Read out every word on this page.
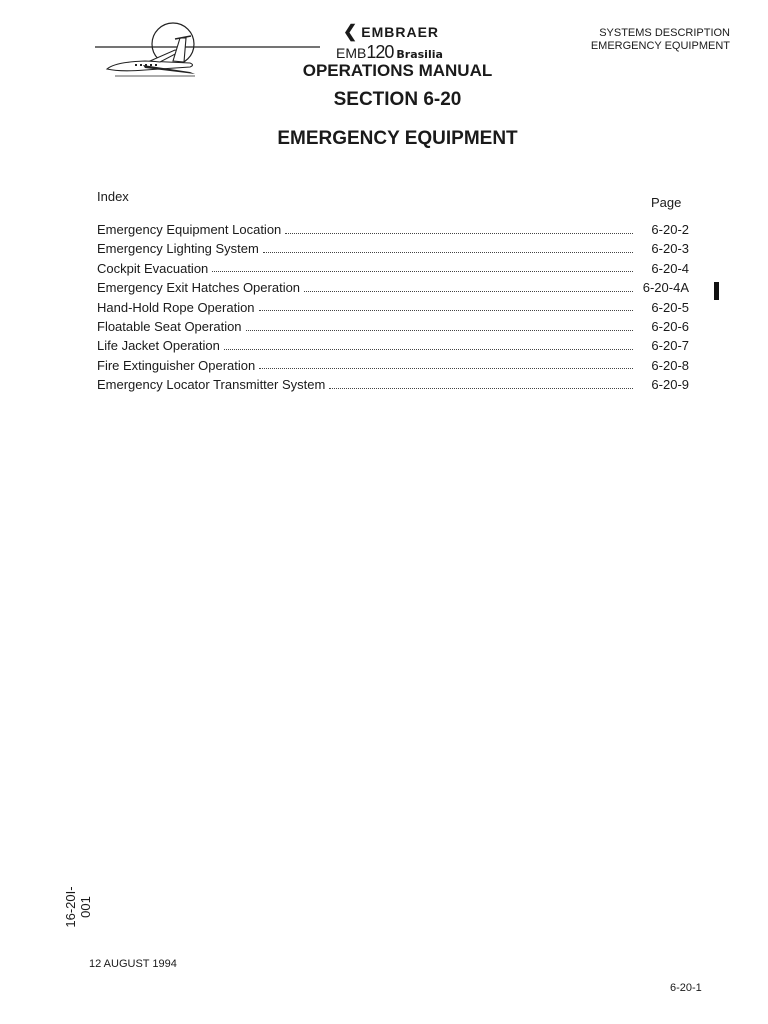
❮ EMBRAER
EMB120 Brasilia
SYSTEMS DESCRIPTION
EMERGENCY EQUIPMENT
OPERATIONS MANUAL
SECTION 6-20
EMERGENCY EQUIPMENT
Index	Page
Emergency Equipment Location	6-20-2
Emergency Lighting System	6-20-3
Cockpit Evacuation	6-20-4
Emergency Exit Hatches Operation	6-20-4A
Hand-Hold Rope Operation	6-20-5
Floatable Seat Operation	6-20-6
Life Jacket Operation	6-20-7
Fire Extinguisher Operation	6-20-8
Emergency Locator Transmitter System	6-20-9
16-20I-001
12 AUGUST 1994
6-20-1
